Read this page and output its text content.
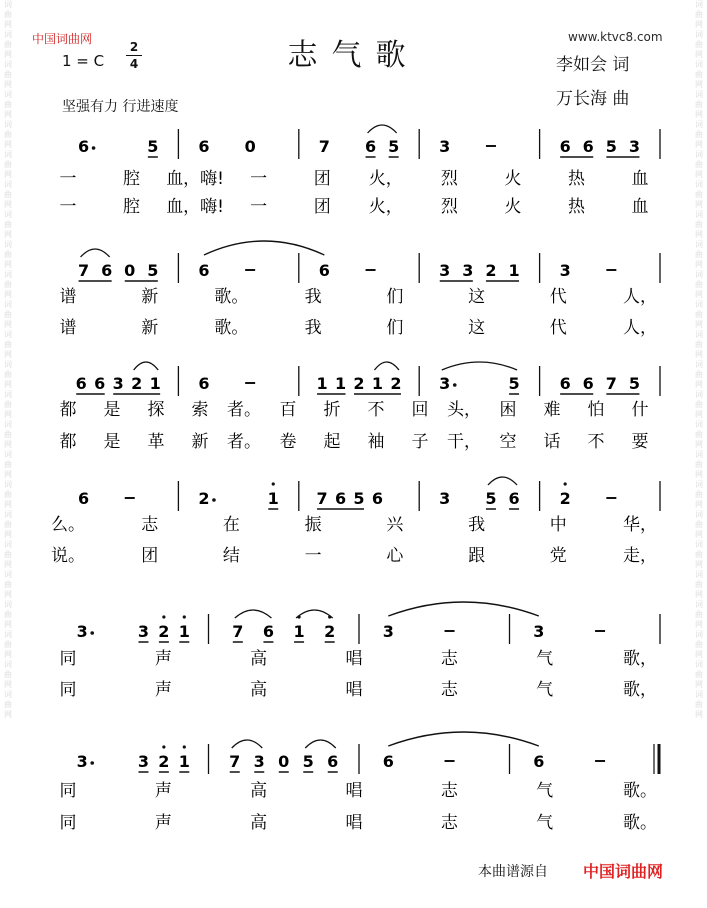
词
曲
网
词
曲
网
词
曲
网
词
曲
网
词
曲
网
词
曲
网
词
曲
网
词
曲
网
词
曲
网
词
曲
网
词
曲
网
词
曲
网
词
曲
网
词
曲
网
词
曲
网
词
曲
网
词
曲
网
词
曲
网
词
曲
网
词
曲
网
词
曲
网
词
曲
网
词
曲
网
词
曲
网
词
曲
网
词
曲
网
词
曲
网
词
曲
网
词
曲
网
词
曲
网
词
曲
网
词
曲
网
词
曲
网
词
曲
网
词
曲
网
词
曲
网
词
曲
网
词
曲
网
词
曲
网
词
曲
网
词
曲
网
词
曲
网
词
曲
网
词
曲
网
词
曲
网
词
曲
网
词
曲
网
词
曲
网
中国词曲网	www.ktvc8.com
志气歌
1 = C
2
4	李如会 词
万长海 曲
坚强有力 行进速度
6	5 6 0	7 6 5 3	6 6 5 3
一	腔 血，嗨! 一	团 火， 烈	火	热	血
一	腔 血，嗨! 一	团 火， 烈	火	热	血
7 6 0 5 6	6	3 3 2 1 3
谱	新	歌。	我	们	这	代	人，
谱	新	歌。	我	们	这	代	人，
6 6 3 2 1 6	1 1 2 1 2 3	5 6 6 7 5
都 是 探 索 者。 百 折 不 回 头， 困 难 怕 什
都 是 革 新 者。 卷 起 袖 子 干， 空 话 不 要
6	2	1 7 6 5 6	3 5 6 2
么。	志	在	振	兴	我	中	华，
说。	团	结	一	心	跟	党	走，
3	3 2 1	7 6 1 2	3	3
同	声	高	唱	志	气	歌，
同	声	高	唱	志	气	歌，
3	3 2 1 7 3 0 5 6	6	6
同	声	高	唱	志	气	歌。
同	声	高	唱	志	气	歌。
本曲谱源自 中国词曲网
